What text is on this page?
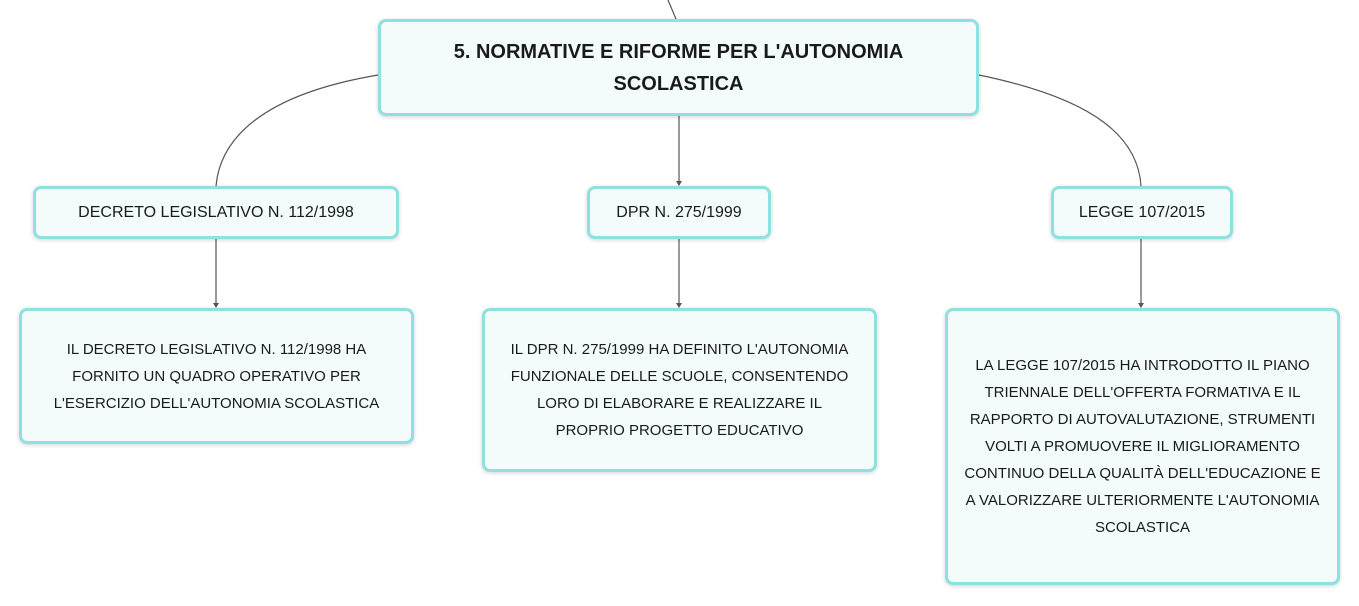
5. NORMATIVE E RIFORME PER L'AUTONOMIA SCOLASTICA
DECRETO LEGISLATIVO N. 112/1998	DPR N. 275/1999	LEGGE 107/2015
IL DECRETO LEGISLATIVO N. 112/1998 HA FORNITO UN QUADRO OPERATIVO PER L'ESERCIZIO DELL'AUTONOMIA SCOLASTICA
IL DPR N. 275/1999 HA DEFINITO L'AUTONOMIA FUNZIONALE DELLE SCUOLE, CONSENTENDO LORO DI ELABORARE E REALIZZARE IL PROPRIO PROGETTO EDUCATIVO
LA LEGGE 107/2015 HA INTRODOTTO IL PIANO TRIENNALE DELL'OFFERTA FORMATIVA E IL RAPPORTO DI AUTOVALUTAZIONE, STRUMENTI VOLTI A PROMUOVERE IL MIGLIORAMENTO CONTINUO DELLA QUALITÀ DELL'EDUCAZIONE E A VALORIZZARE ULTERIORMENTE L'AUTONOMIA SCOLASTICA
